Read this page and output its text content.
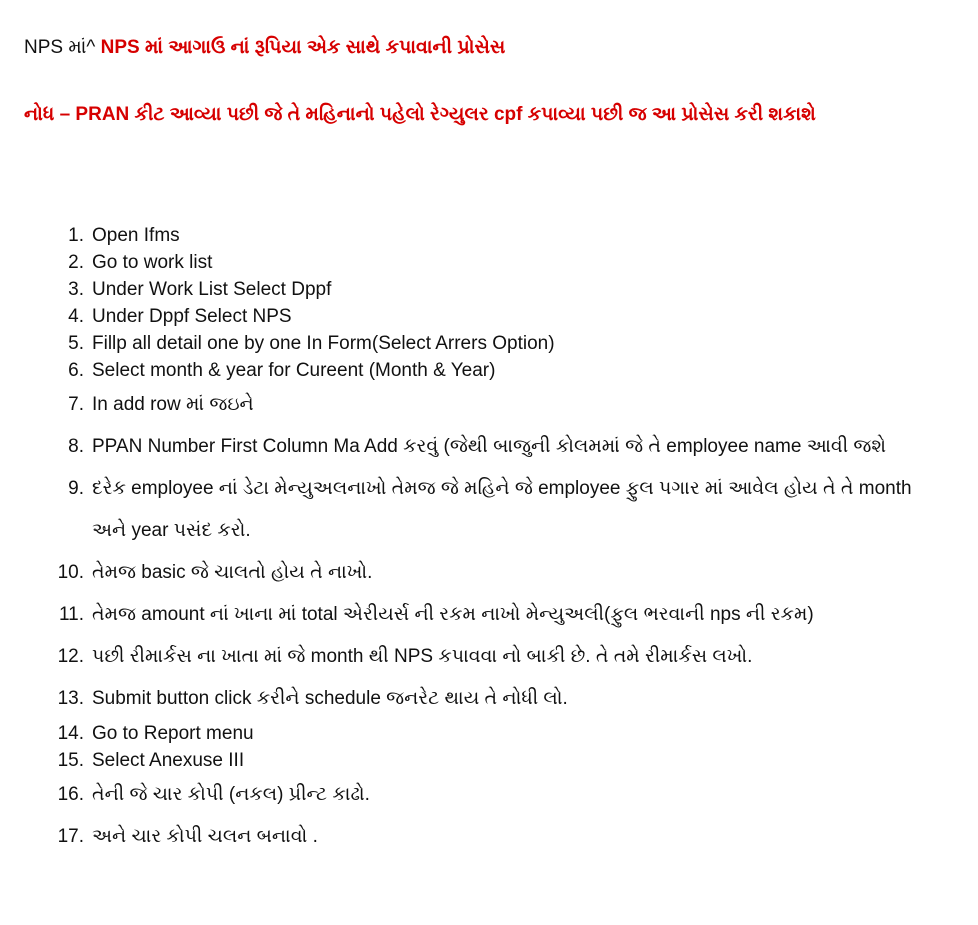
NPS માં^ NPS માં આગાઉ નાં રૂપિયા એક સાથે કપાવાની પ્રોસેસ
નોધ – PRAN કીટ આવ્યા પછી જે તે મહિનાનો પહેલો રેગ્યુલર cpf કપાવ્યા પછી જ આ પ્રોસેસ કરી શકાશે
1. Open Ifms
2. Go to work list
3. Under Work List Select Dppf
4. Under Dppf Select NPS
5. Fillp all detail one by one In Form(Select Arrers Option)
6. Select month & year for Cureent (Month & Year)
7. In add row માં જઇને
8. PPAN Number First Column Ma Add કરવું (જેથી બાજુની કોલમમાં જે તે employee name આવી જશે
9. દરેક employee નાં ડેટા મેન્યુઅલનાખો તેમજ જે મહિને જે employee ફુલ પગાર માં આવેલ હોય તે તે month અને year પસંદ કરો.
10. તેમજ basic જે ચાલતો હોય તે નાખો.
11. તેમજ amount નાં ખાના માં total એરીયર્સ ની રકમ નાખો મેન્યુઅલી(ફુલ ભરવાની nps ની રકમ)
12. પછી રીમાર્કસ ના ખાતા માં જે month થી NPS કપાવવા નો બાકી છે. તે તમે રીમાર્કસ લખો.
13. Submit button click કરીને schedule જનરેટ થાય તે નોધી લો.
14. Go to Report menu
15. Select Anexuse III
16. તેની જે ચાર કોપી (નકલ) પ્રીન્ટ કાઢો.
17. અને ચાર કોપી ચલન બનાવો .
